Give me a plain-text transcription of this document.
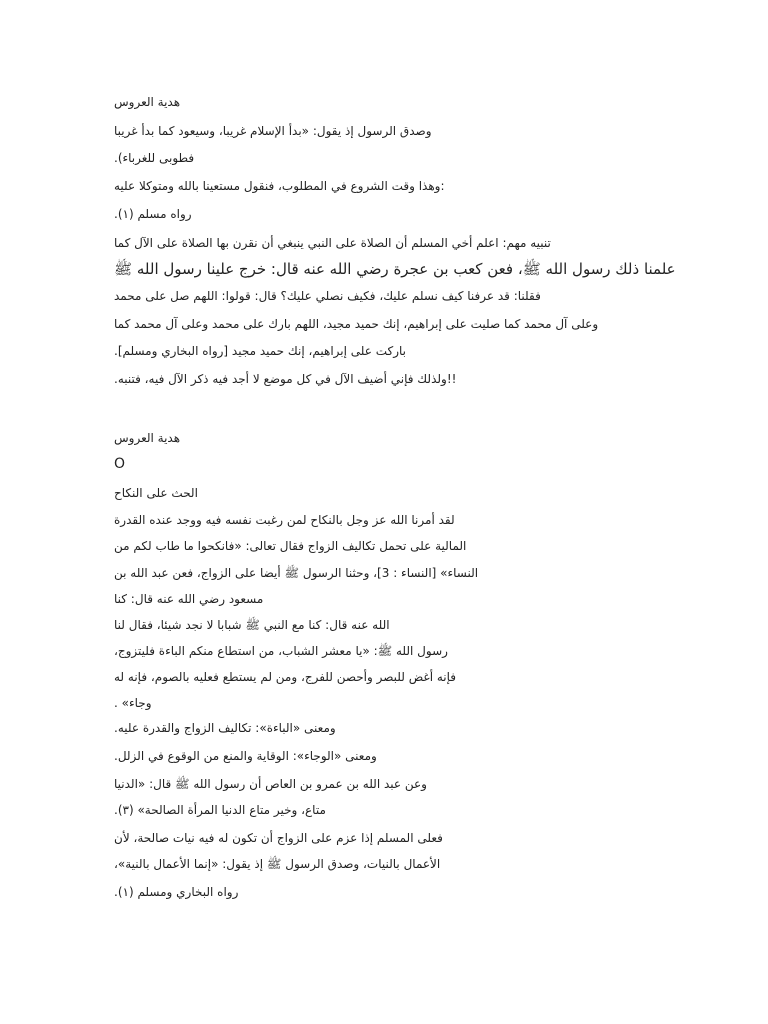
هدية العروس
وصدق الرسول إذ يقول: «بدأ الإسلام غريبا، وسيعود كما بدأ غريبا
فطوبى للغرباء).
:وهذا وقت الشروع في المطلوب، فنقول مستعينا بالله ومتوكلا عليه
رواه مسلم (١).
تنبيه مهم: اعلم أخي المسلم أن الصلاة على النبي ينبغي أن نقرن بها الصلاة على الآل كما
علمنا ذلك رسول الله ﷺ، فعن كعب بن عجرة رضي الله عنه قال: خرج علينا رسول الله ﷺ
فقلنا: قد عرفنا كيف نسلم عليك، فكيف نصلي عليك؟ قال: قولوا: اللهم صل على محمد
وعلى آل محمد كما صليت على إبراهيم، إنك حميد مجيد، اللهم بارك على محمد وعلى آل محمد كما
باركت على إبراهيم، إنك حميد مجيد [رواه البخاري ومسلم].
!!ولذلك فإني أضيف الآل في كل موضع لا أجد فيه ذكر الآل فيه، فتنبه.
هدية العروس
O
الحث على النكاح
لقد أمرنا الله عز وجل بالنكاح لمن رغبت نفسه فيه ووجد عنده القدرة
المالية على تحمل تكاليف الزواج فقال تعالى: «فانكحوا ما طاب لكم من
النساء» [النساء : 3]، وحثنا الرسول ﷺ أيضا على الزواج، فعن عبد الله بن
مسعود رضي الله عنه قال: كنا
الله عنه قال: كنا مع النبي ﷺ شبابا لا نجد شيئا، فقال لنا
رسول الله ﷺ: «يا معشر الشباب، من استطاع منكم الباءة فليتزوج،
فإنه أغض للبصر وأحصن للفرج، ومن لم يستطع فعليه بالصوم، فإنه له
وجاء» .
ومعنى «الباءة»: تكاليف الزواج والقدرة عليه.
ومعنى «الوجاء»: الوقاية والمنع من الوقوع في الزلل.
وعن عبد الله بن عمرو بن العاص أن رسول الله ﷺ قال: «الدنيا
متاع، وخير متاع الدنيا المرأة الصالحة» (٣).
فعلى المسلم إذا عزم على الزواج أن تكون له فيه نيات صالحة، لأن
الأعمال بالنيات، وصدق الرسول ﷺ إذ يقول: «إنما الأعمال بالنية»،
رواه البخاري ومسلم (١).
